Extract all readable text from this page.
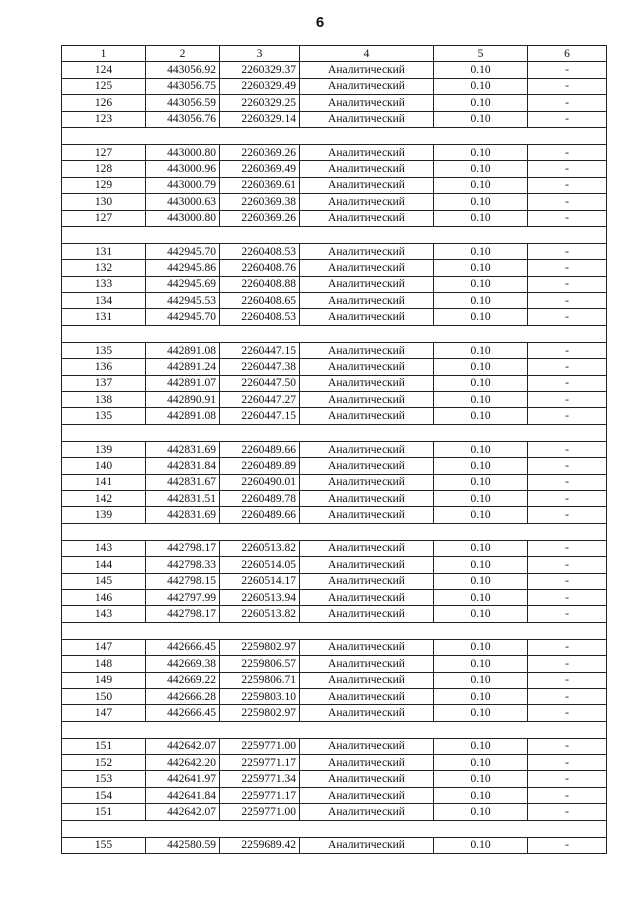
6
1	2	3	4	5	6
124	443056.92	2260329.37	Аналитический	0.10	-
125	443056.75	2260329.49	Аналитический	0.10	-
126	443056.59	2260329.25	Аналитический	0.10	-
123	443056.76	2260329.14	Аналитический	0.10	-

127	443000.80	2260369.26	Аналитический	0.10	-
128	443000.96	2260369.49	Аналитический	0.10	-
129	443000.79	2260369.61	Аналитический	0.10	-
130	443000.63	2260369.38	Аналитический	0.10	-
127	443000.80	2260369.26	Аналитический	0.10	-

131	442945.70	2260408.53	Аналитический	0.10	-
132	442945.86	2260408.76	Аналитический	0.10	-
133	442945.69	2260408.88	Аналитический	0.10	-
134	442945.53	2260408.65	Аналитический	0.10	-
131	442945.70	2260408.53	Аналитический	0.10	-

135	442891.08	2260447.15	Аналитический	0.10	-
136	442891.24	2260447.38	Аналитический	0.10	-
137	442891.07	2260447.50	Аналитический	0.10	-
138	442890.91	2260447.27	Аналитический	0.10	-
135	442891.08	2260447.15	Аналитический	0.10	-

139	442831.69	2260489.66	Аналитический	0.10	-
140	442831.84	2260489.89	Аналитический	0.10	-
141	442831.67	2260490.01	Аналитический	0.10	-
142	442831.51	2260489.78	Аналитический	0.10	-
139	442831.69	2260489.66	Аналитический	0.10	-

143	442798.17	2260513.82	Аналитический	0.10	-
144	442798.33	2260514.05	Аналитический	0.10	-
145	442798.15	2260514.17	Аналитический	0.10	-
146	442797.99	2260513.94	Аналитический	0.10	-
143	442798.17	2260513.82	Аналитический	0.10	-

147	442666.45	2259802.97	Аналитический	0.10	-
148	442669.38	2259806.57	Аналитический	0.10	-
149	442669.22	2259806.71	Аналитический	0.10	-
150	442666.28	2259803.10	Аналитический	0.10	-
147	442666.45	2259802.97	Аналитический	0.10	-

151	442642.07	2259771.00	Аналитический	0.10	-
152	442642.20	2259771.17	Аналитический	0.10	-
153	442641.97	2259771.34	Аналитический	0.10	-
154	442641.84	2259771.17	Аналитический	0.10	-
151	442642.07	2259771.00	Аналитический	0.10	-

155	442580.59	2259689.42	Аналитический	0.10	-
